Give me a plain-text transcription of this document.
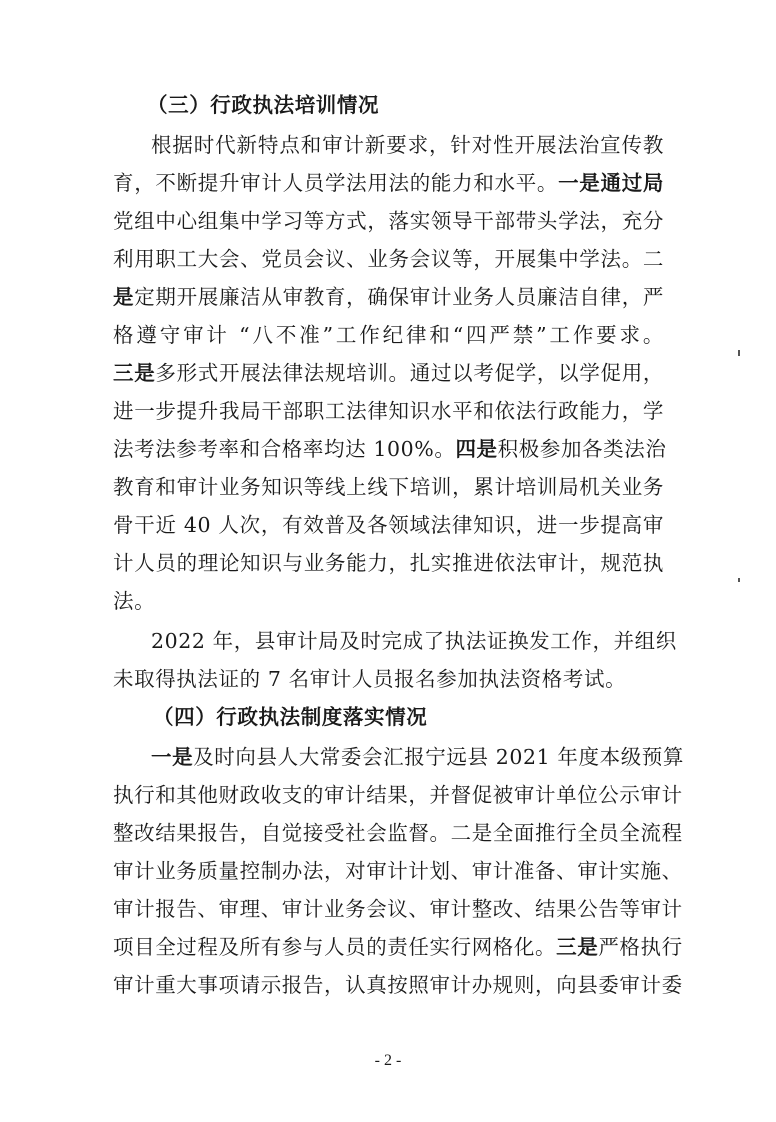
（三）行政执法培训情况
根据时代新特点和审计新要求，针对性开展法治宣传教
育，不断提升审计人员学法用法的能力和水平。一是通过局
党组中心组集中学习等方式，落实领导干部带头学法，充分
利用职工大会、党员会议、业务会议等，开展集中学法。二
是定期开展廉洁从审教育，确保审计业务人员廉洁自律，严
格遵守审计 “八不准”工作纪律和“四严禁”工作要求。
三是多形式开展法律法规培训。通过以考促学，以学促用，
进一步提升我局干部职工法律知识水平和依法行政能力，学
法考法参考率和合格率均达 100%。四是积极参加各类法治
教育和审计业务知识等线上线下培训，累计培训局机关业务
骨干近 40 人次，有效普及各领域法律知识，进一步提高审
计人员的理论知识与业务能力，扎实推进依法审计，规范执
法。
2022 年，县审计局及时完成了执法证换发工作，并组织
未取得执法证的 7 名审计人员报名参加执法资格考试。
（四）行政执法制度落实情况
一是及时向县人大常委会汇报宁远县 2021 年度本级预算
执行和其他财政收支的审计结果，并督促被审计单位公示审计
整改结果报告，自觉接受社会监督。二是全面推行全员全流程
审计业务质量控制办法，对审计计划、审计准备、审计实施、
审计报告、审理、审计业务会议、审计整改、结果公告等审计
项目全过程及所有参与人员的责任实行网格化。三是严格执行
审计重大事项请示报告，认真按照审计办规则，向县委审计委
- 2 -
